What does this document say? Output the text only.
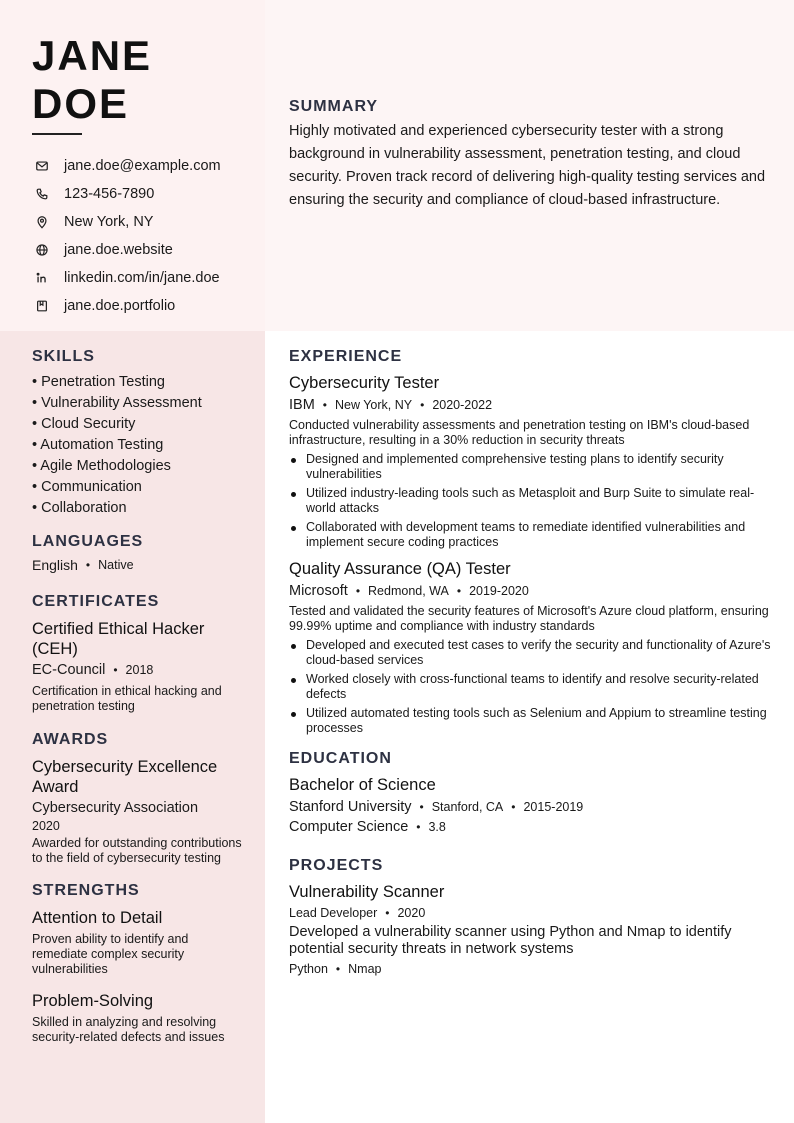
JANE
DOE
jane.doe@example.com
123-456-7890
New York, NY
jane.doe.website
linkedin.com/in/jane.doe
jane.doe.portfolio
SUMMARY
Highly motivated and experienced cybersecurity tester with a strong background in vulnerability assessment, penetration testing, and cloud security. Proven track record of delivering high-quality testing services and ensuring the security and compliance of cloud-based infrastructure.
SKILLS
• Penetration Testing
• Vulnerability Assessment
• Cloud Security
• Automation Testing
• Agile Methodologies
• Communication
• Collaboration
LANGUAGES
English • Native
CERTIFICATES
Certified Ethical Hacker (CEH)
EC-Council • 2018
Certification in ethical hacking and penetration testing
AWARDS
Cybersecurity Excellence Award
Cybersecurity Association
2020
Awarded for outstanding contributions to the field of cybersecurity testing
STRENGTHS
Attention to Detail
Proven ability to identify and remediate complex security vulnerabilities
Problem-Solving
Skilled in analyzing and resolving security-related defects and issues
EXPERIENCE
Cybersecurity Tester
IBM • New York, NY • 2020-2022
Conducted vulnerability assessments and penetration testing on IBM's cloud-based infrastructure, resulting in a 30% reduction in security threats
Designed and implemented comprehensive testing plans to identify security vulnerabilities
Utilized industry-leading tools such as Metasploit and Burp Suite to simulate real-world attacks
Collaborated with development teams to remediate identified vulnerabilities and implement secure coding practices
Quality Assurance (QA) Tester
Microsoft • Redmond, WA • 2019-2020
Tested and validated the security features of Microsoft's Azure cloud platform, ensuring 99.99% uptime and compliance with industry standards
Developed and executed test cases to verify the security and functionality of Azure's cloud-based services
Worked closely with cross-functional teams to identify and resolve security-related defects
Utilized automated testing tools such as Selenium and Appium to streamline testing processes
EDUCATION
Bachelor of Science
Stanford University • Stanford, CA • 2015-2019
Computer Science • 3.8
PROJECTS
Vulnerability Scanner
Lead Developer • 2020
Developed a vulnerability scanner using Python and Nmap to identify potential security threats in network systems
Python • Nmap
